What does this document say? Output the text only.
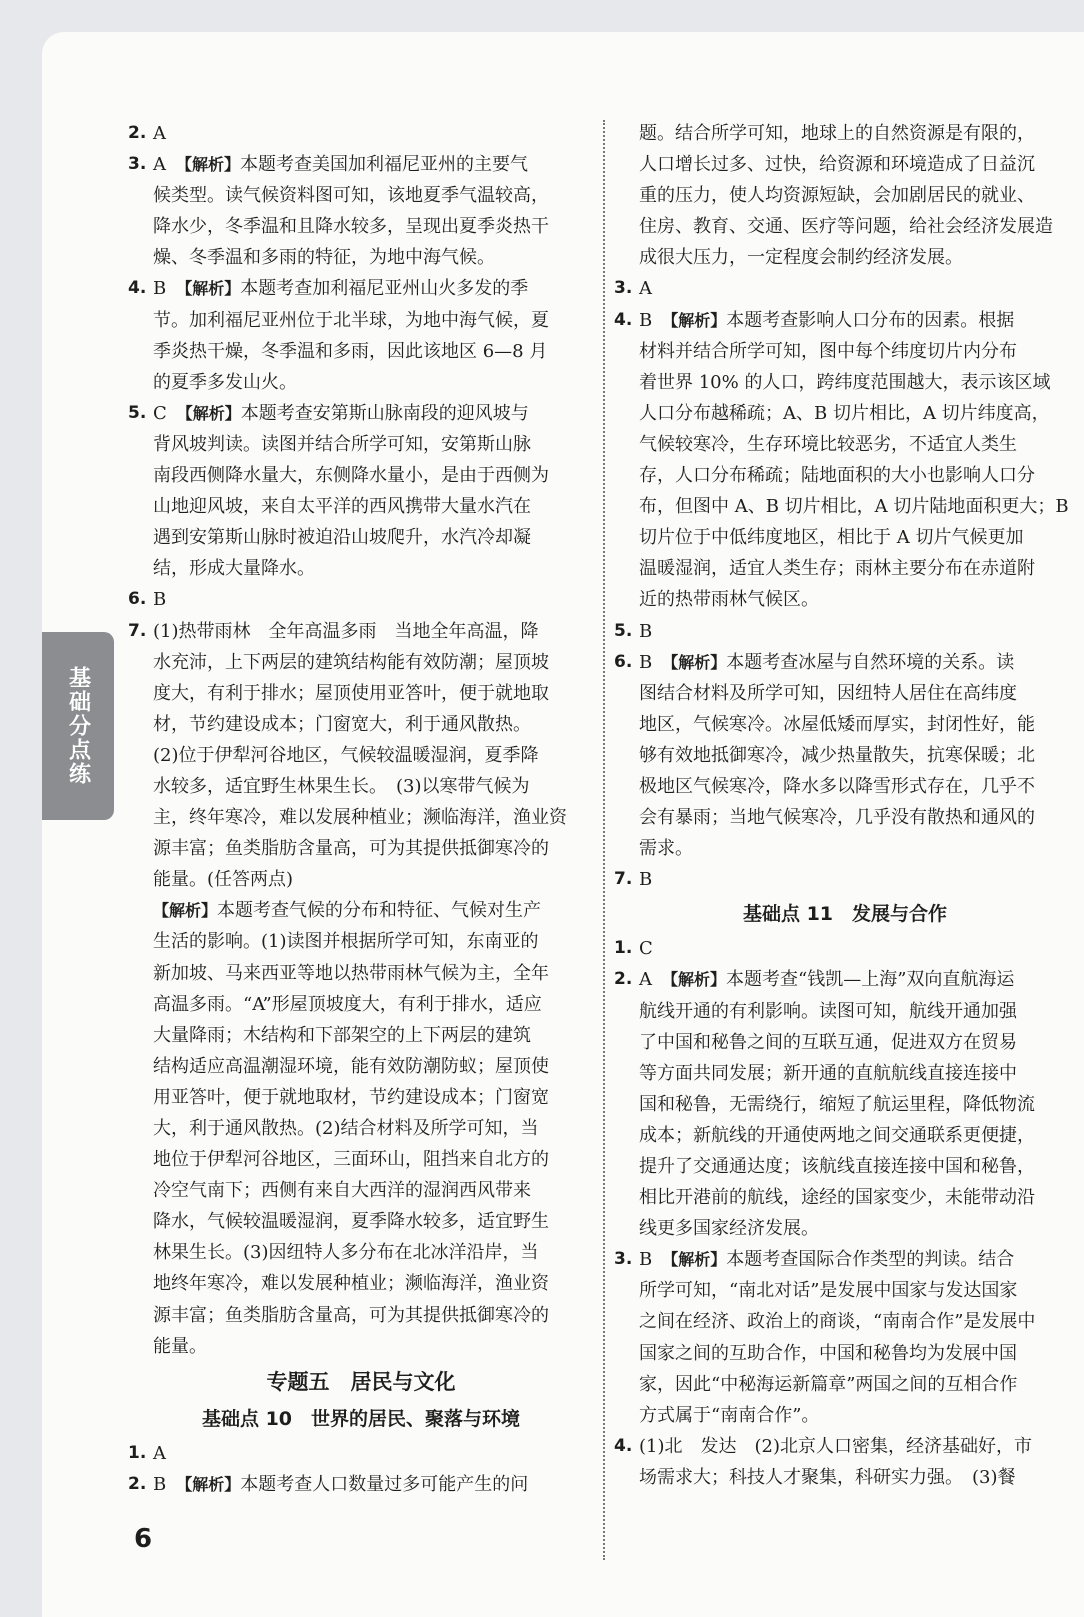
基础分点练
2. A
3. A 【解析】本题考查美国加利福尼亚州的主要气
候类型。读气候资料图可知，该地夏季气温较高，
降水少，冬季温和且降水较多，呈现出夏季炎热干
燥、冬季温和多雨的特征，为地中海气候。
4. B 【解析】本题考查加利福尼亚州山火多发的季
节。加利福尼亚州位于北半球，为地中海气候，夏
季炎热干燥，冬季温和多雨，因此该地区 6—8 月
的夏季多发山火。
5. C 【解析】本题考查安第斯山脉南段的迎风坡与
背风坡判读。读图并结合所学可知，安第斯山脉
南段西侧降水量大，东侧降水量小，是由于西侧为
山地迎风坡，来自太平洋的西风携带大量水汽在
遇到安第斯山脉时被迫沿山坡爬升，水汽冷却凝
结，形成大量降水。
6. B
7. (1)热带雨林　全年高温多雨　当地全年高温，降
水充沛，上下两层的建筑结构能有效防潮；屋顶坡
度大，有利于排水；屋顶使用亚答叶，便于就地取
材，节约建设成本；门窗宽大，利于通风散热。
(2)位于伊犁河谷地区，气候较温暖湿润，夏季降
水较多，适宜野生林果生长。　(3)以寒带气候为
主，终年寒冷，难以发展种植业；濒临海洋，渔业资
源丰富；鱼类脂肪含量高，可为其提供抵御寒冷的
能量。(任答两点)
【解析】本题考查气候的分布和特征、气候对生产
生活的影响。(1)读图并根据所学可知，东南亚的
新加坡、马来西亚等地以热带雨林气候为主，全年
高温多雨。“A”形屋顶坡度大，有利于排水，适应
大量降雨；木结构和下部架空的上下两层的建筑
结构适应高温潮湿环境，能有效防潮防蚁；屋顶使
用亚答叶，便于就地取材，节约建设成本；门窗宽
大，利于通风散热。(2)结合材料及所学可知，当
地位于伊犁河谷地区，三面环山，阻挡来自北方的
冷空气南下；西侧有来自大西洋的湿润西风带来
降水，气候较温暖湿润，夏季降水较多，适宜野生
林果生长。(3)因纽特人多分布在北冰洋沿岸，当
地终年寒冷，难以发展种植业；濒临海洋，渔业资
源丰富；鱼类脂肪含量高，可为其提供抵御寒冷的
能量。
专题五　居民与文化
基础点 10　世界的居民、聚落与环境
1. A
2. B 【解析】本题考查人口数量过多可能产生的问
题。结合所学可知，地球上的自然资源是有限的，
人口增长过多、过快，给资源和环境造成了日益沉
重的压力，使人均资源短缺，会加剧居民的就业、
住房、教育、交通、医疗等问题，给社会经济发展造
成很大压力，一定程度会制约经济发展。
3. A
4. B 【解析】本题考查影响人口分布的因素。根据
材料并结合所学可知，图中每个纬度切片内分布
着世界 10% 的人口，跨纬度范围越大，表示该区域
人口分布越稀疏；A、B 切片相比，A 切片纬度高，
气候较寒冷，生存环境比较恶劣，不适宜人类生
存，人口分布稀疏；陆地面积的大小也影响人口分
布，但图中 A、B 切片相比，A 切片陆地面积更大；B
切片位于中低纬度地区，相比于 A 切片气候更加
温暖湿润，适宜人类生存；雨林主要分布在赤道附
近的热带雨林气候区。
5. B
6. B 【解析】本题考查冰屋与自然环境的关系。读
图结合材料及所学可知，因纽特人居住在高纬度
地区，气候寒冷。冰屋低矮而厚实，封闭性好，能
够有效地抵御寒冷，减少热量散失，抗寒保暖；北
极地区气候寒冷，降水多以降雪形式存在，几乎不
会有暴雨；当地气候寒冷，几乎没有散热和通风的
需求。
7. B
基础点 11　发展与合作
1. C
2. A 【解析】本题考查“钱凯—上海”双向直航海运
航线开通的有利影响。读图可知，航线开通加强
了中国和秘鲁之间的互联互通，促进双方在贸易
等方面共同发展；新开通的直航航线直接连接中
国和秘鲁，无需绕行，缩短了航运里程，降低物流
成本；新航线的开通使两地之间交通联系更便捷，
提升了交通通达度；该航线直接连接中国和秘鲁，
相比开港前的航线，途经的国家变少，未能带动沿
线更多国家经济发展。
3. B 【解析】本题考查国际合作类型的判读。结合
所学可知，“南北对话”是发展中国家与发达国家
之间在经济、政治上的商谈，“南南合作”是发展中
国家之间的互助合作，中国和秘鲁均为发展中国
家，因此“中秘海运新篇章”两国之间的互相合作
方式属于“南南合作”。
4. (1)北　发达　(2)北京人口密集，经济基础好，市
场需求大；科技人才聚集，科研实力强。　(3)餐
6
